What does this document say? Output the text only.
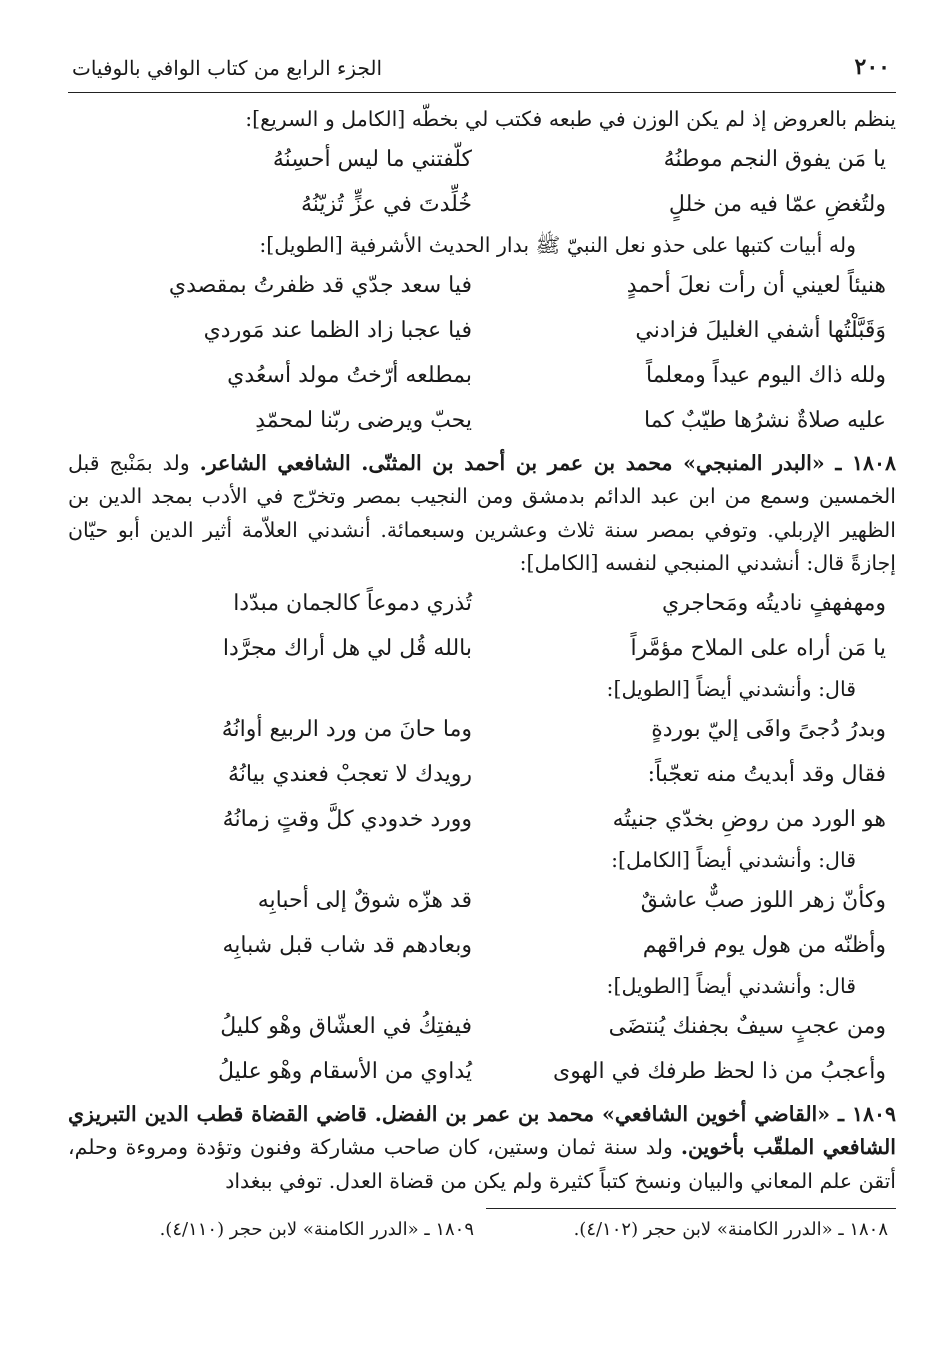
٢٠٠
الجزء الرابع من كتاب الوافي بالوفيات

ينظم بالعروض إذ لم يكن الوزن في طبعه فكتب لي بخطّه [الكامل و السريع]:

يا مَن يفوق النجم موطنُهُ
كلّفتني ما ليس أحسِنُهُ
ولتُغضِ عمّا فيه من خللٍ
خُلِّدتَ في عزٍّ تُزيّنُهُ
وله أبيات كتبها على حذو نعل النبيّ ﷺ بدار الحديث الأشرفية [الطويل]:
هنيئاً لعيني أن رأت نعلَ أحمدٍ
فيا سعد جدّي قد ظفرتُ بمقصدي
وَقَبَّلْتُها أشفي الغليلَ فزادني
فيا عجبا زاد الظما عند مَوردي
ولله ذاك اليوم عيداً ومعلماً
بمطلعه أرّختُ مولد أسعُدي
عليه صلاةٌ نشرُها طيّبٌ كما
يحبّ ويرضى ربّنا لمحمّدِ

١٨٠٨ ـ «البدر المنبجي» محمد بن عمر بن أحمد بن المثنّى. الشافعي الشاعر. ولد بمَنْبج قبل الخمسين وسمع من ابن عبد الدائم بدمشق ومن النجيب بمصر وتخرّج في الأدب بمجد الدين بن الظهير الإربلي. وتوفي بمصر سنة ثلاث وعشرين وسبعمائة. أنشدني العلاّمة أثير الدين أبو حيّان إجازةً قال: أنشدني المنبجي لنفسه [الكامل]:

ومهفهفٍ ناديتُه ومَحاجري
تُذري دموعاً كالجمان مبدّدا
يا مَن أراه على الملاح مؤمَّراً
بالله قُل لي هل أراك مجرَّدا
قال: وأنشدني أيضاً [الطويل]:
وبدرُ دُجىً وافَى إليّ بوردةٍ
وما حانَ من ورد الربيع أوانُهُ
فقال وقد أبديتُ منه تعجّباً:
رويدك لا تعجبْ فعندي بيانُهُ
هو الورد من روضِ بخدّي جنيتُه
وورد خدودي كلَّ وقتٍ زمانُهُ
قال: وأنشدني أيضاً [الكامل]:
وكأنّ زهر اللوز صبٌّ عاشقٌ
قد هزّه شوقٌ إلى أحبابِه
وأظنّه من هول يوم فراقهم
وبعادهم قد شاب قبل شبابِه
قال: وأنشدني أيضاً [الطويل]:
ومن عجبٍ سيفٌ بجفنك يُنتضَى
فيفتِكُ في العشّاق وهْو كليلُ
وأعجبُ من ذا لحظ طرفك في الهوى
يُداوي من الأسقام وهْو عليلُ

١٨٠٩ ـ «القاضي أخوين الشافعي» محمد بن عمر بن الفضل. قاضي القضاة قطب الدين التبريزي الشافعي الملقّب بأخوين. ولد سنة ثمان وستين، كان صاحب مشاركة وفنون وتؤدة ومروءة وحلم، أتقن علم المعاني والبيان ونسخ كتباً كثيرة ولم يكن من قضاة العدل. توفي ببغداد

١٨٠٨ ـ «الدرر الكامنة» لابن حجر (٤/١٠٢).
١٨٠٩ ـ «الدرر الكامنة» لابن حجر (٤/١١٠).
